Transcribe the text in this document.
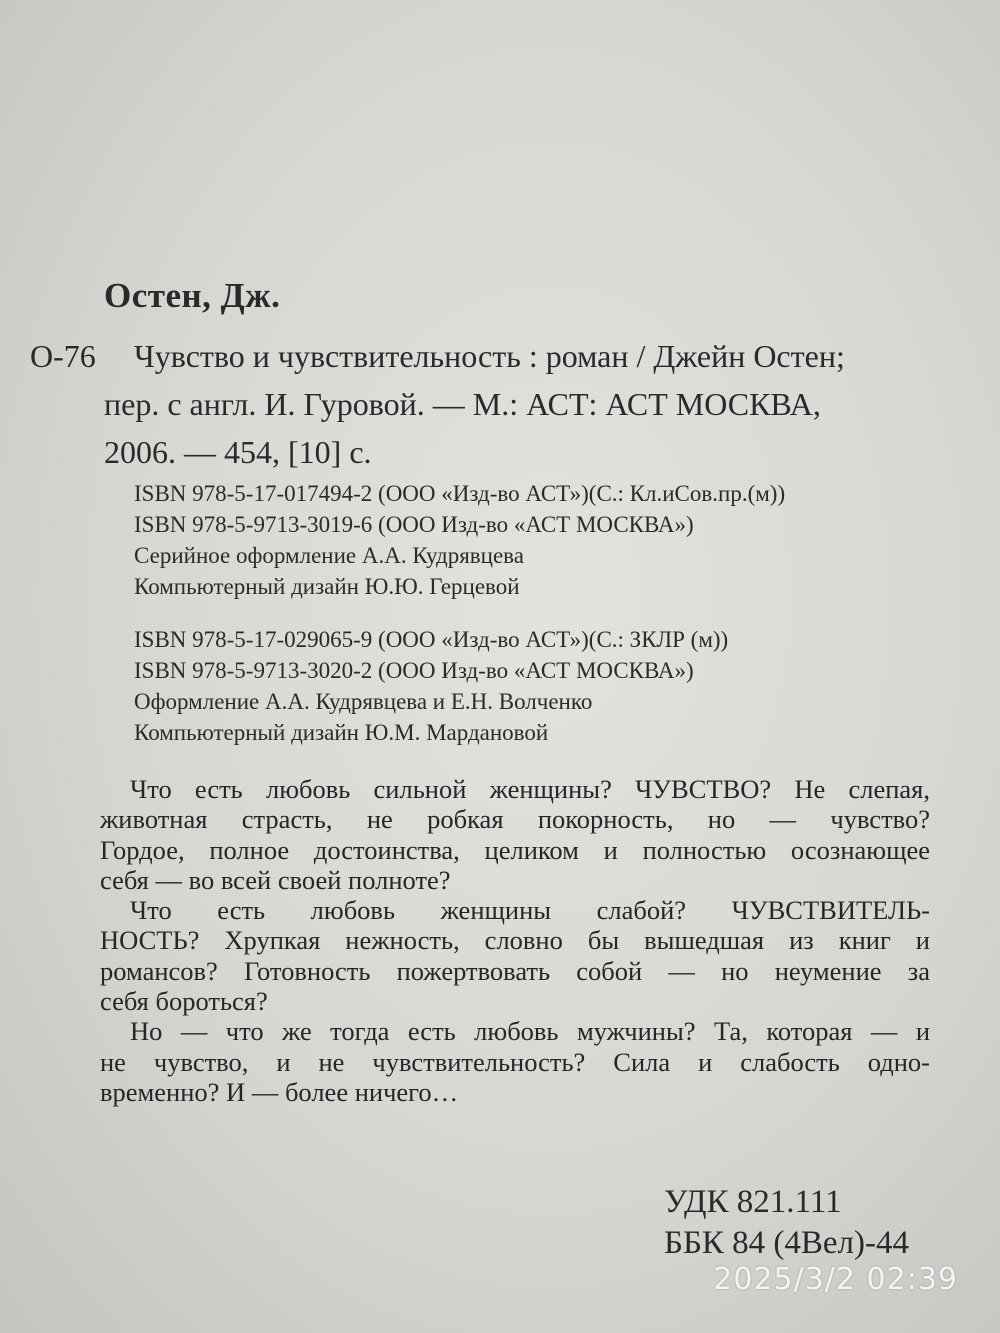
Остен, Дж.
О-76	Чувство и чувствительность : роман / Джейн Остен;
пер. с англ. И. Гуровой. — М.: АСТ: АСТ МОСКВА,
2006. — 454, [10] с.
ISBN 978-5-17-017494-2 (ООО «Изд-во АСТ»)(С.: Кл.иСов.пр.(м))
ISBN 978-5-9713-3019-6 (ООО Изд-во «АСТ МОСКВА»)
Серийное оформление А.А. Кудрявцева
Компьютерный дизайн Ю.Ю. Герцевой
ISBN 978-5-17-029065-9 (ООО «Изд-во АСТ»)(С.: ЗКЛР (м))
ISBN 978-5-9713-3020-2 (ООО Изд-во «АСТ МОСКВА»)
Оформление А.А. Кудрявцева и Е.Н. Волченко
Компьютерный дизайн Ю.М. Мардановой
Что есть любовь сильной женщины? ЧУВСТВО? Не слепая,
животная страсть, не робкая покорность, но — чувство?
Гордое, полное достоинства, целиком и полностью осознающее
себя — во всей своей полноте?
Что есть любовь женщины слабой? ЧУВСТВИТЕЛЬ-
НОСТЬ? Хрупкая нежность, словно бы вышедшая из книг и
романсов? Готовность пожертвовать собой — но неумение за
себя бороться?
Но — что же тогда есть любовь мужчины? Та, которая — и
не чувство, и не чувствительность? Сила и слабость одно-
временно? И — более ничего…
УДК 821.111
ББК 84 (4Вел)-44
2025/3/2 02:39
